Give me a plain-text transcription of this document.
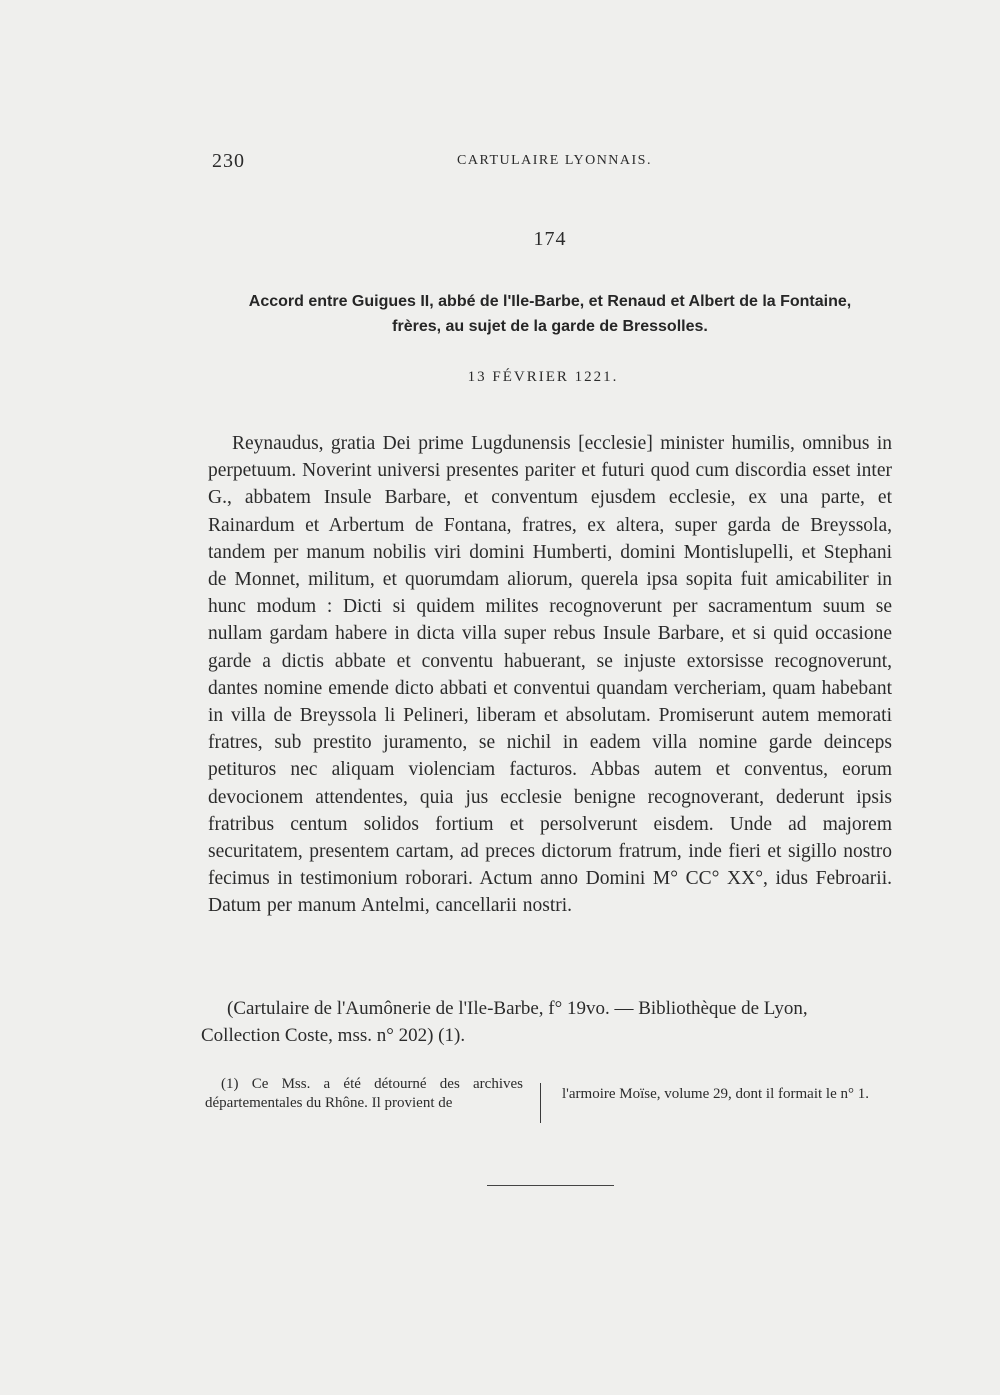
230	CARTULAIRE LYONNAIS.
174
Accord entre Guigues II, abbé de l'Ile-Barbe, et Renaud et Albert de la Fontaine,
frères, au sujet de la garde de Bressolles.
13 FÉVRIER 1221.

Reynaudus, gratia Dei prime Lugdunensis [ecclesie] minister humilis, omnibus in perpetuum. Noverint universi presentes pariter et futuri quod cum discordia esset inter G., abbatem Insule Barbare, et conventum ejusdem ecclesie, ex una parte, et Rainardum et Arbertum de Fontana, fratres, ex altera, super garda de Breyssola, tandem per manum nobilis viri domini Humberti, domini Montislupelli, et Stephani de Monnet, militum, et quorumdam aliorum, querela ipsa sopita fuit amicabiliter in hunc modum : Dicti si quidem milites recognoverunt per sacramentum suum se nullam gardam habere in dicta villa super rebus Insule Barbare, et si quid occasione garde a dictis abbate et conventu habuerant, se injuste extorsisse recognoverunt, dantes nomine emende dicto abbati et conventui quandam vercheriam, quam habebant in villa de Breyssola li Pelineri, liberam et absolutam. Promiserunt autem memorati fratres, sub prestito juramento, se nichil in eadem villa nomine garde deinceps petituros nec aliquam violenciam facturos. Abbas autem et conventus, eorum devocionem attendentes, quia jus ecclesie benigne recognoverant, dederunt ipsis fratribus centum solidos fortium et persolverunt eisdem. Unde ad majorem securitatem, presentem cartam, ad preces dictorum fratrum, inde fieri et sigillo nostro fecimus in testimonium roborari. Actum anno Domini M° CC° XX°, idus Febroarii. Datum per manum Antelmi, cancellarii nostri.

(Cartulaire de l'Aumônerie de l'Ile-Barbe, f° 19vo. — Bibliothèque de Lyon, Collection Coste, mss. n° 202) (1).

(1) Ce Mss. a été détourné des archives départementales du Rhône. Il provient de
l'armoire Moïse, volume 29, dont il formait le n° 1.
